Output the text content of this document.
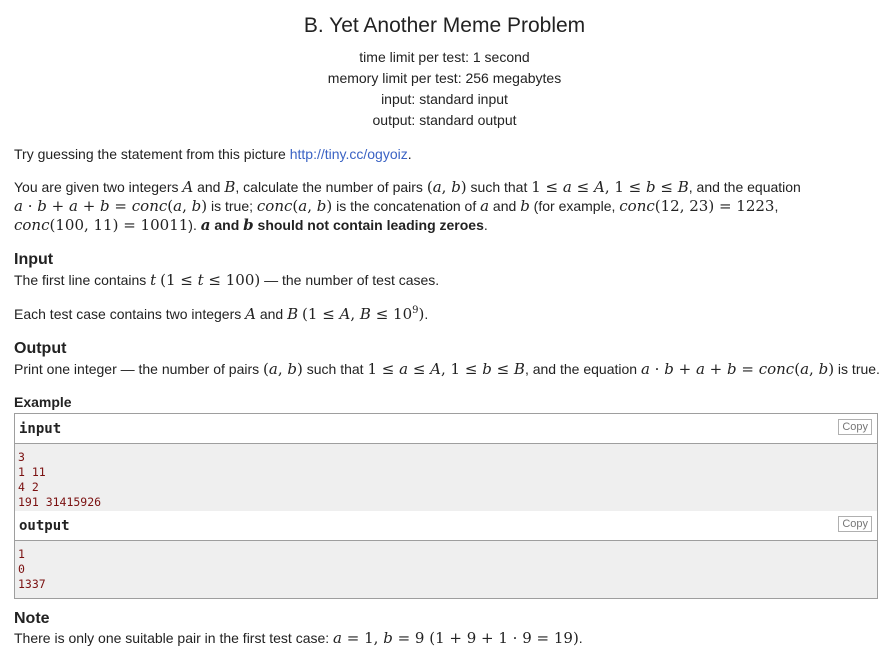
B. Yet Another Meme Problem
time limit per test: 1 second
memory limit per test: 256 megabytes
input: standard input
output: standard output
Try guessing the statement from this picture http://tiny.cc/ogyoiz.
You are given two integers A and B, calculate the number of pairs (a, b) such that 1 ≤ a ≤ A, 1 ≤ b ≤ B, and the equation
a · b + a + b = conc(a, b) is true; conc(a, b) is the concatenation of a and b (for example, conc(12, 23) = 1223,
conc(100, 11) = 10011). a and b should not contain leading zeroes.
Input
The first line contains t (1 ≤ t ≤ 100) — the number of test cases.
Each test case contains two integers A and B (1 ≤ A, $B \le 10^9$).
Output
Print one integer — the number of pairs (a, b) such that 1 ≤ a ≤ A, 1 ≤ b ≤ B, and the equation a · b + a + b = conc(a, b) is true.
Example
input	Copy
3
1 11
4 2
191 31415926
output	Copy
1
0
1337
Note
There is only one suitable pair in the first test case: a = 1, b = 9 (1 + 9 + 1 · 9 = 19).
